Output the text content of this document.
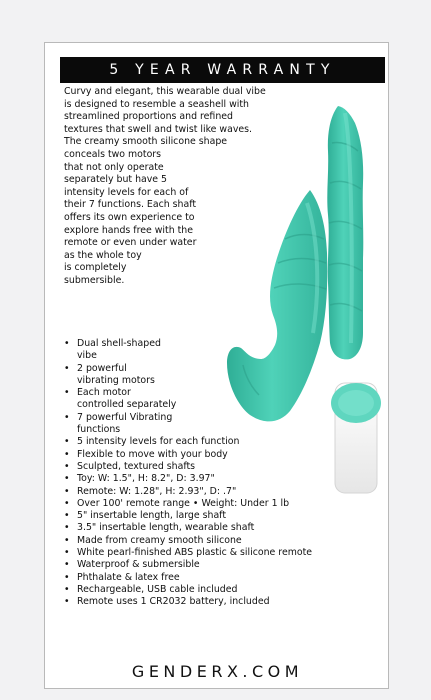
5 YEAR WARRANTY
Curvy and elegant, this wearable dual vibe
is designed to resemble a seashell with
streamlined proportions and refined
textures that swell and twist like waves.
The creamy smooth silicone shape
conceals two motors
that not only operate
separately but have 5
intensity levels for each of
their 7 functions. Each shaft
offers its own experience to
explore hands free with the
remote or even under water
as the whole toy
is completely
submersible.
• Dual shell-shaped
vibe
• 2 powerful
vibrating motors
• Each motor
controlled separately
• 7 powerful Vibrating
functions
• 5 intensity levels for each function
• Flexible to move with your body
• Sculpted, textured shafts
• Toy: W: 1.5", H: 8.2", D: 3.97"
• Remote: W: 1.28", H: 2.93", D: .7"
• Over 100' remote range • Weight: Under 1 lb
• 5" insertable length, large shaft
• 3.5" insertable length, wearable shaft
• Made from creamy smooth silicone
• White pearl-finished ABS plastic & silicone remote
• Waterproof & submersible
• Phthalate & latex free
• Rechargeable, USB cable included
• Remote uses 1 CR2032 battery, included
GENDERX.COM
